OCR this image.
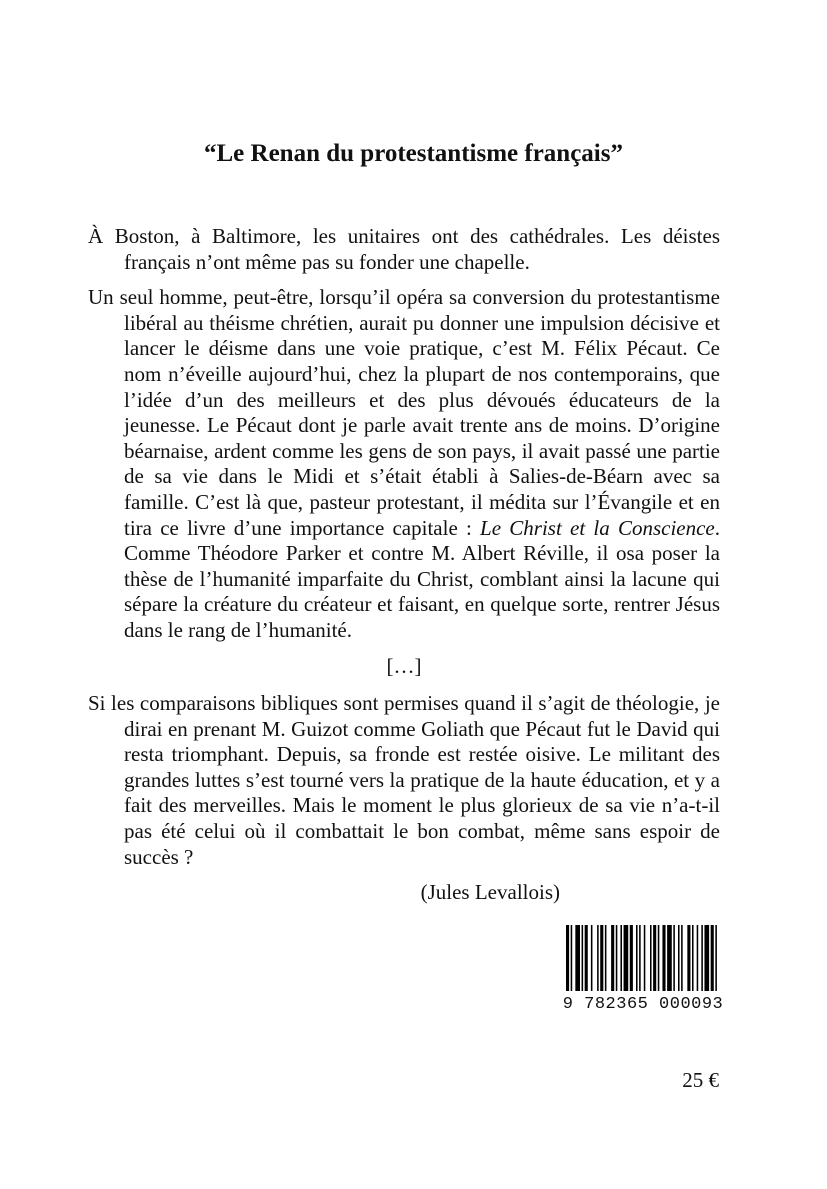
“Le Renan du protestantisme français”

À Boston, à Baltimore, les unitaires ont des cathédrales. Les déistes français n’ont même pas su fonder une chapelle.

Un seul homme, peut-être, lorsqu’il opéra sa conversion du protestantisme libéral au théisme chrétien, aurait pu donner une impulsion décisive et lancer le déisme dans une voie pratique, c’est M. Félix Pécaut. Ce nom n’éveille aujourd’hui, chez la plupart de nos contemporains, que l’idée d’un des meilleurs et des plus dévoués éducateurs de la jeunesse. Le Pécaut dont je parle avait trente ans de moins. D’origine béarnaise, ardent comme les gens de son pays, il avait passé une partie de sa vie dans le Midi et s’était établi à Salies-de-Béarn avec sa famille. C’est là que, pasteur protestant, il médita sur l’Évangile et en tira ce livre d’une importance capitale : Le Christ et la Conscience. Comme Théodore Parker et contre M. Albert Réville, il osa poser la thèse de l’humanité imparfaite du Christ, comblant ainsi la lacune qui sépare la créature du créateur et faisant, en quelque sorte, rentrer Jésus dans le rang de l’humanité.

[…]

Si les comparaisons bibliques sont permises quand il s’agit de théologie, je dirai en prenant M. Guizot comme Goliath que Pécaut fut le David qui resta triomphant. Depuis, sa fronde est restée oisive. Le militant des grandes luttes s’est tourné vers la pratique de la haute éducation, et y a fait des merveilles. Mais le moment le plus glorieux de sa vie n’a-t-il pas été celui où il combattait le bon combat, même sans espoir de succès ?

(Jules Levallois)

9 782365 000093
25 €
